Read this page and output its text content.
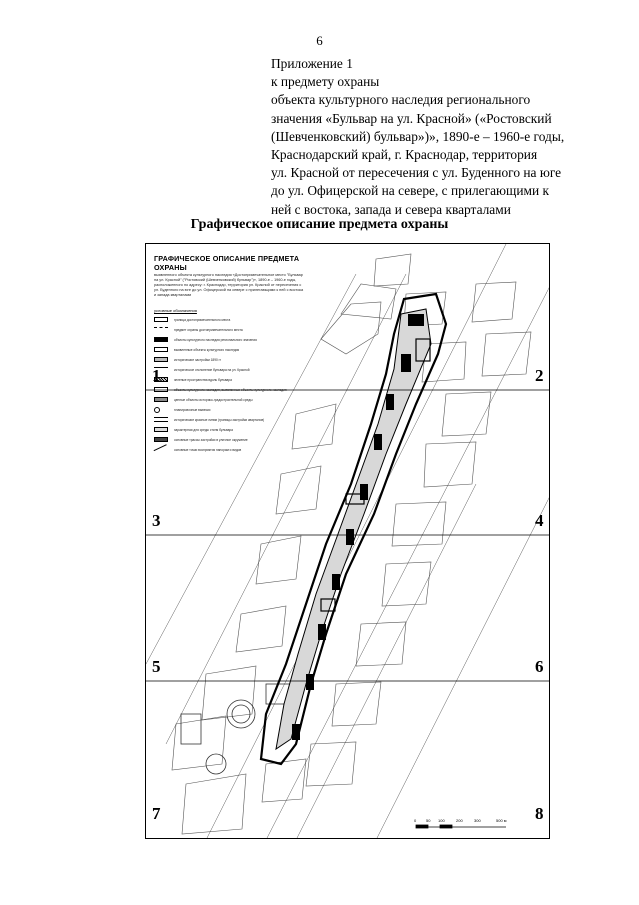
6
Приложение 1
к предмету охраны
объекта культурного наследия регионального
значения «Бульвар на ул. Красной» («Ростовский
(Шевченковский) бульвар»)», 1890-е – 1960-е годы,
Краснодарский край, г. Краснодар, территория
ул. Красной от пересечения с ул. Буденного на юге
до ул. Офицерской на севере, с прилегающими к
ней с востока, запада и севера кварталами
Графическое описание предмета охраны
ГРАФИЧЕСКОЕ ОПИСАНИЕ ПРЕДМЕТА ОХРАНЫ
выявленного объекта культурного наследия «Достопримечательное место "Бульвар на ул. Красной" ("Ростовский (Шевченковский) бульвар")», 1890-е – 1960-е годы, расположенного по адресу: г. Краснодар, территория ул. Красной от пересечения с ул. Буденного на юге до ул. Офицерской на севере с прилегающими к ней с востока и запада кварталами
условные обозначения
граница достопримечательного места
предмет охраны достопримечательного места
объекты культурного наследия регионального значения
выявленные объекты культурного наследия
исторические застройки 1890 гг
историческое отклонение бульвара на ул. Красной
зеленые пространства вдоль бульвара
объекты культурного наследия, выявленные объекты культурного наследия
ценные объекты историко-градостроительной среды
планировочные вывески
исторические красные линии (границы застройки кварталов)
характерная для среды стиля бульвара
основные трассы застройки в уличное окружение
основные точки восприятия панорам и видов
1	2
3	4
5	6
7	8
0 50 100	200	300	500 м
